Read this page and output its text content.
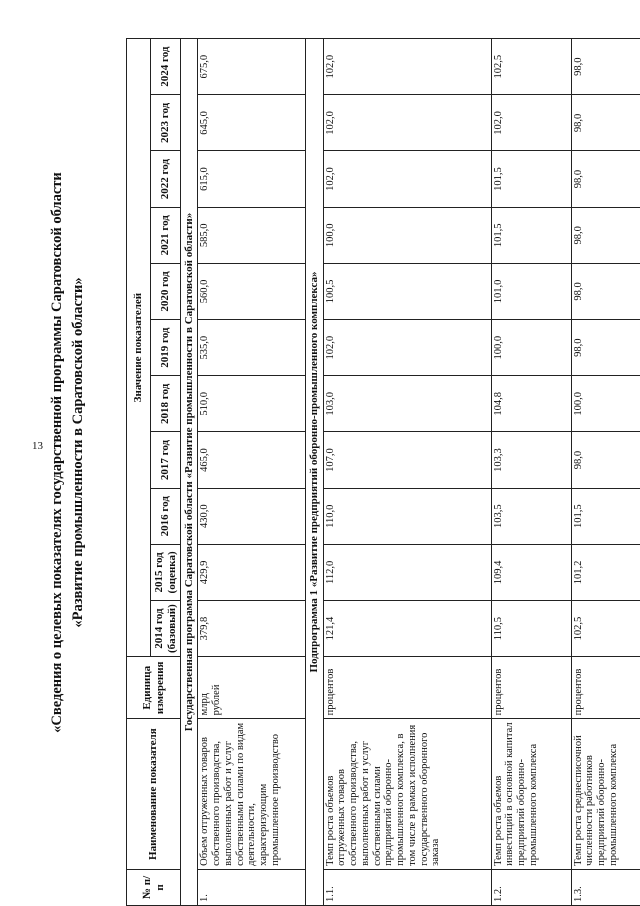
13 «Сведения о целевых показателях государственной программы Саратовской области «Развитие промышленности в Саратовской области»
№ п/п	Наименование показателя	Единица измерения	Значение показателей										
			2014 год (базовый)	2015 год (оценка)	2016 год	2017 год	2018 год	2019 год	2020 год	2021 год	2022 год	2023 год	2024 год
Государственная программа Саратовской области «Развитие промышленности в Саратовской области»													
1.	Объем отгруженных товаров собственного производства, выполненных работ и услуг собственными силами по видам деятельности, характеризующим промышленное производство	млрд рублей	379,8	429,9	430,0	465,0	510,0	535,0	560,0	585,0	615,0	645,0	675,0
Подпрограмма 1 «Развитие предприятий оборонно-промышленного комплекса»													
1.1.	Темп роста объемов отгруженных товаров собственного производства, выполненных работ и услуг собственными силами предприятий оборонно-промышленного комплекса, в том числе в рамках исполнения государственного оборонного заказа	процентов	121,4	112,0	110,0	107,0	103,0	102,0	100,5	100,0	102,0	102,0	102,0
1.2.	Темп роста объемов инвестиций в основной капитал предприятий оборонно-промышленного комплекса	процентов	110,5	109,4	103,5	103,3	104,8	100,0	101,0	101,5	101,5	102,0	102,5
1.3.	Темп роста среднесписочной численности работников предприятий оборонно-промышленного комплекса	процентов	102,5	101,2	101,5	98,0	100,0	98,0	98,0	98,0	98,0	98,0	98,0
